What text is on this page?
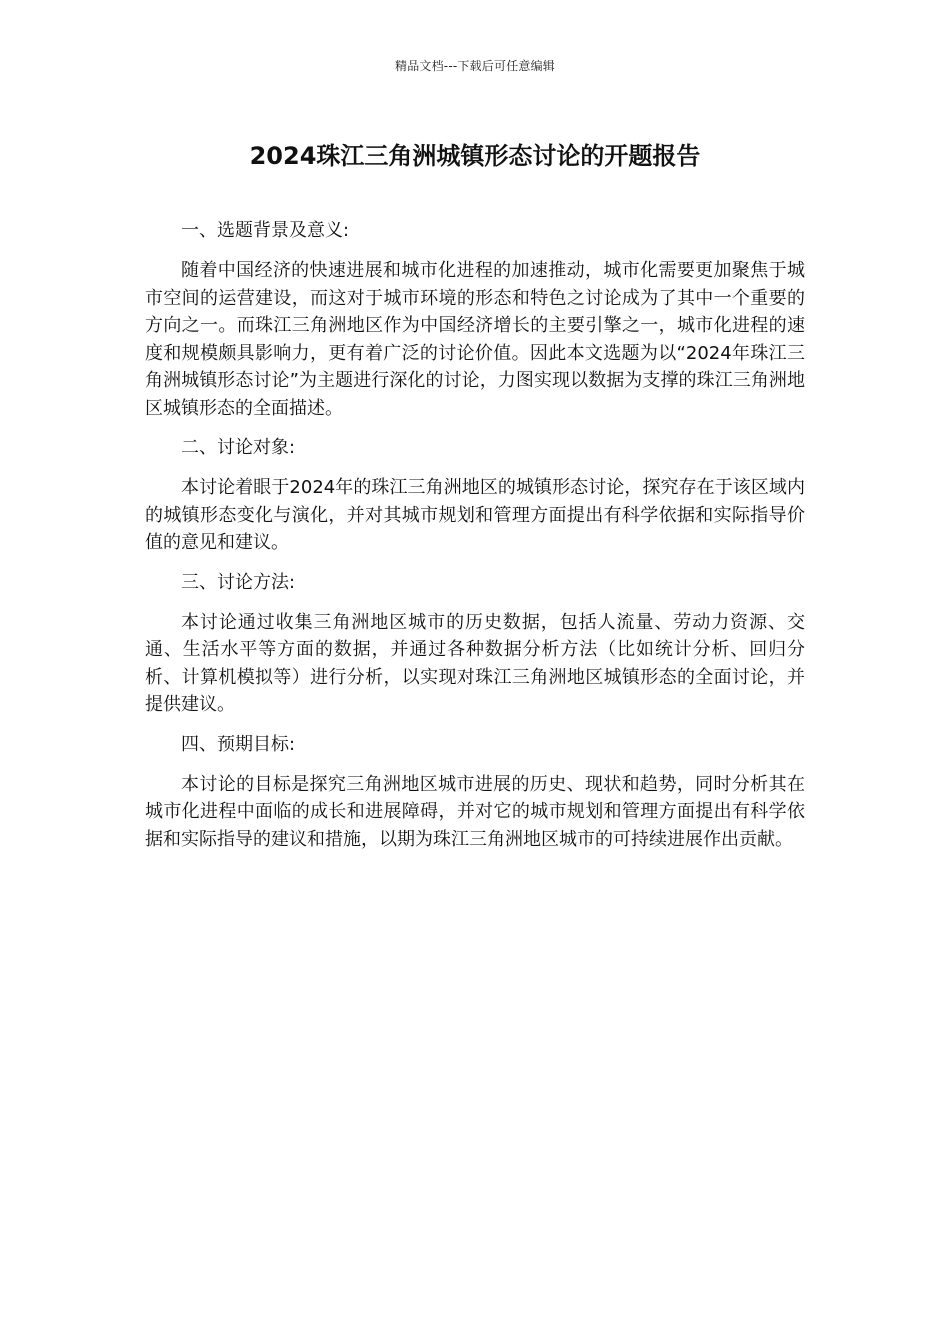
精品文档---下载后可任意编辑
2024珠江三角洲城镇形态讨论的开题报告

一、选题背景及意义:

随着中国经济的快速进展和城市化进程的加速推动，城市化需要更加聚焦于城市空间的运营建设，而这对于城市环境的形态和特色之讨论成为了其中一个重要的方向之一。而珠江三角洲地区作为中国经济增长的主要引擎之一，城市化进程的速度和规模颇具影响力，更有着广泛的讨论价值。因此本文选题为以“2024年珠江三角洲城镇形态讨论”为主题进行深化的讨论，力图实现以数据为支撑的珠江三角洲地区城镇形态的全面描述。

二、讨论对象:

本讨论着眼于2024年的珠江三角洲地区的城镇形态讨论，探究存在于该区域内的城镇形态变化与演化，并对其城市规划和管理方面提出有科学依据和实际指导价值的意见和建议。

三、讨论方法:

本讨论通过收集三角洲地区城市的历史数据，包括人流量、劳动力资源、交通、生活水平等方面的数据，并通过各种数据分析方法（比如统计分析、回归分析、计算机模拟等）进行分析，以实现对珠江三角洲地区城镇形态的全面讨论，并提供建议。

四、预期目标:

本讨论的目标是探究三角洲地区城市进展的历史、现状和趋势，同时分析其在城市化进程中面临的成长和进展障碍，并对它的城市规划和管理方面提出有科学依据和实际指导的建议和措施，以期为珠江三角洲地区城市的可持续进展作出贡献。
